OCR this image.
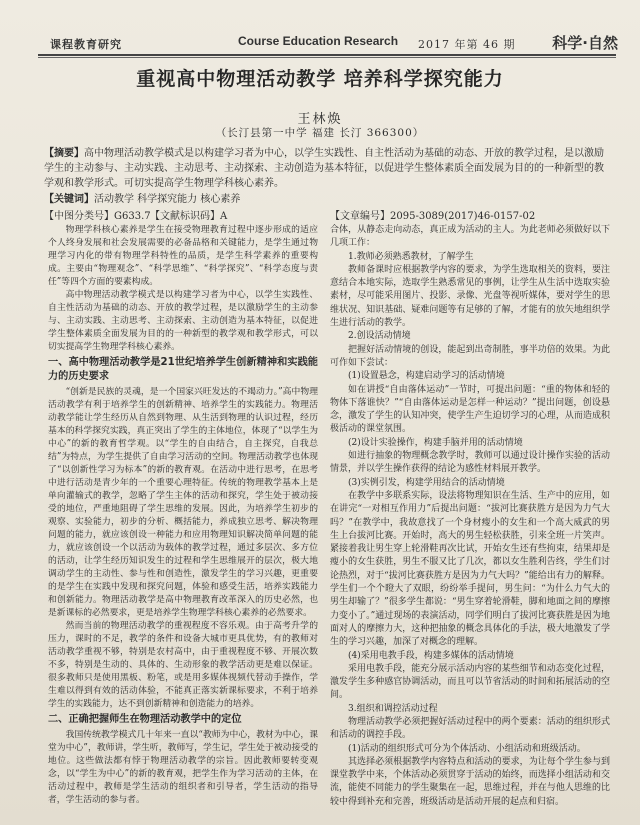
课程教育研究	Course Education Research 2017 年第 46 期 科学·自然
重视高中物理活动教学 培养科学探究能力
王林焕
（长汀县第一中学 福建 长汀 366300）
【摘要】高中物理活动教学模式是以构建学习者为中心，以学生实践性、自主性活动为基础的动态、开放的教学过程，是以激励学生的主动参与、主动实践、主动思考、主动探索、主动创造为基本特征，以促进学生整体素质全面发展为目的的一种新型的教学观和教学形式。可切实提高学生物理学科核心素养。
【关键词】活动教学 科学探究能力 核心素养
【中图分类号】G633.7 【文献标识码】A	【文章编号】2095-3089(2017)46-0157-02

物理学科核心素养是学生在接受物理教育过程中逐步形成的适应个人终身发展和社会发展需要的必备品格和关键能力，是学生通过物理学习内化的带有物理学科特性的品质，是学生科学素养的重要构成。主要由“物理观念”、“科学思维”、“科学探究”、“科学态度与责任”等四个方面的要素构成。

高中物理活动教学模式是以构建学习者为中心，以学生实践性、自主性活动为基础的动态、开放的教学过程，是以激励学生的主动参与、主动实践、主动思考、主动探索、主动创造为基本特征，以促进学生整体素质全面发展为目的的一种新型的教学观和教学形式，可以切实提高学生物理学科核心素养。

一、高中物理活动教学是21世纪培养学生创新精神和实践能力的历史要求

“创新是民族的灵魂，是一个国家兴旺发达的不竭动力。”高中物理活动教学有利于培养学生的创新精神、培养学生的实践能力。物理活动教学能让学生经历从自然到物理、从生活到物理的认识过程，经历基本的科学探究实践，真正突出了学生的主体地位，体现了“以学生为中心”的新的教育哲学观。以“学生的自由结合，自主探究，自我总结”为特点，为学生提供了自由学习活动的空间。物理活动教学也体现了“以创新性学习为标本”的新的教育观。在活动中进行思考，在思考中进行活动是青少年的一个重要心理特征。传统的物理教学基本上是单向灌输式的教学，忽略了学生主体的活动和探究，学生处于被动接受的地位，严重地阻碍了学生思维的发展。因此，为培养学生初步的观察、实验能力，初步的分析、概括能力，养成独立思考、解决物理问题的能力，就应该创设一种能力和应用物理知识解决简单问题的能力，就应该创设一个以活动为载体的教学过程，通过多层次、多方位的活动，让学生经历知识发生的过程和学生思维展开的层次，极大地调动学生的主动性、参与性和创造性，激发学生的学习兴趣，更重要的是学生在实践中发现和探究问题，体验和感受生活，培养实践能力和创新能力。物理活动教学是高中物理教育改革深入的历史必然，也是新课标的必然要求，更是培养学生物理学科核心素养的必然要求。

然而当前的物理活动教学的重视程度不容乐观。由于高考升学的压力，课时的不足，教学的条件和设备大城市更具优势，有的教师对活动教学重视不够，特别是农村高中，由于重视程度不够、开展次数不多，特别是生动的、具体的、生动形象的教学活动更是难以保证。很多教师只是使用黑板、粉笔，或是用多媒体视频代替动手操作，学生难以得到有效的活动体验，不能真正落实新课标要求，不利于培养学生的实践能力，达不到创新精神和创造能力的培养。

二、正确把握师生在物理活动教学中的定位

我国传统教学模式几十年来一直以“教师为中心，教材为中心，课堂为中心”，教师讲，学生听，教师写，学生记，学生处于被动接受的地位。这些做法都有悖于物理活动教学的宗旨。因此教师要转变观念，以“学生为中心”的新的教育观，把学生作为学习活动的主体，在活动过程中，教师是学生活动的组织者和引导者，学生活动的指导者，学生活动的参与者。

合体，从静态走向动态，真正成为活动的主人。为此老师必须做好以下几项工作：

1.教师必须熟悉教材，了解学生

教师备课时应根据教学内容的要求，为学生选取相关的资料，要注意结合本地实际，选取学生熟悉常见的事例，让学生从生活中选取实验素材，尽可能采用图片、投影、录像、光盘等视听媒体，要对学生的思维状况、知识基础、疑难问题等有足够的了解，才能有的放矢地组织学生进行活动的教学。

2.创设活动情境

把握好活动情境的创设，能起到出奇制胜，事半功倍的效果。为此可作如下尝试：

(1)设置悬念，构建启动学习的活动情境

如在讲授“自由落体运动”一节时，可提出问题：“重的物体和轻的物体下落谁快？”“自由落体运动是怎样一种运动？”提出问题，创设悬念，激发了学生的认知冲突，使学生产生迫切学习的心理，从而造成积极活动的课堂氛围。

(2)设计实验操作，构建手脑并用的活动情境

如进行抽象的物理概念教学时，教师可以通过设计操作实验的活动情景，并以学生操作获得的结论为感性材料展开教学。

(3)实例引发，构建学用结合的活动情境

在教学中多联系实际，设法将物理知识在生活、生产中的应用，如在讲完“一对相互作用力”后提出问题：“拔河比赛获胜方是因为力气大吗？”在教学中，我故意找了一个身材瘦小的女生和一个高大威武的男生上台拔河比赛。开始时，高大的男生轻松获胜，引来全班一片笑声。紧接着我让男生穿上轮滑鞋再次比试，开始女生还有些拘束，结果却是瘦小的女生获胜，男生不服又比了几次，都以女生胜利告终，学生们讨论热烈，对于“拔河比赛获胜方是因为力气大吗？”能给出有力的解释。学生们一个个瞪大了双眼，纷纷举手提问，男生问：“为什么力气大的男生却输了？”很多学生都说：“男生穿着轮滑鞋，脚和地面之间的摩擦力变小了。”通过现场的表演活动，同学们明白了拔河比赛获胜是因为地面对人的摩擦力大，这种把抽象的概念具体化的手法，极大地激发了学生的学习兴趣，加深了对概念的理解。

(4)采用电教手段，构建多媒体的活动情境

采用电教手段，能充分展示活动内容的某些细节和动态变化过程，激发学生多种感官协调活动，而且可以节省活动的时间和拓展活动的空间。

3.组织和调控活动过程

物理活动教学必须把握好活动过程中的两个要素：活动的组织形式和活动的调控手段。

(1)活动的组织形式可分为个体活动、小组活动和班级活动。

其选择必须根据教学内容特点和活动的要求，为让每个学生参与到课堂教学中来，个体活动必须贯穿于活动的始终，而选择小组活动和交流，能使不同能力的学生聚集在一起，思维过程，并在与他人思维的比较中得到补充和完善，班级活动是活动开展的起点和归宿。
